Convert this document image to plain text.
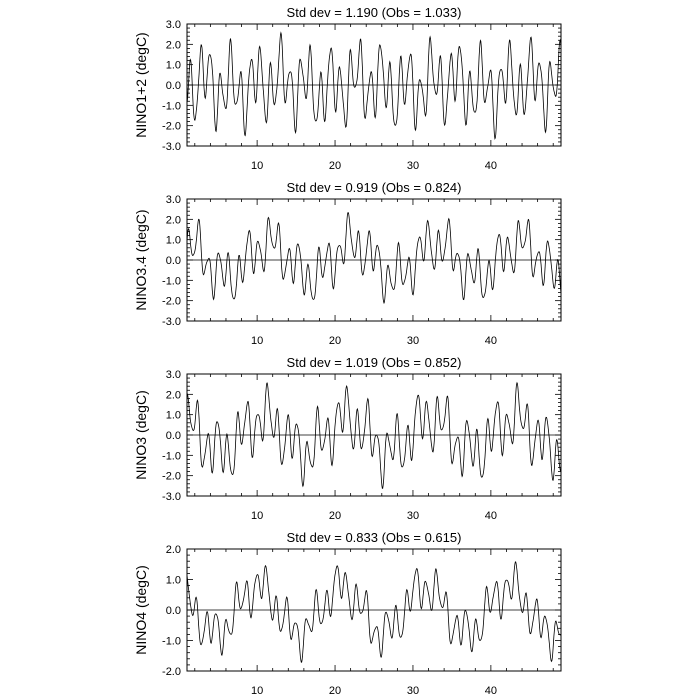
Std dev = 1.190 (Obs = 1.033)
NINO1+2 (degC)
3.0
2.0
1.0
0.0
-1.0
-2.0
-3.0
10	20	30	40
Std dev = 0.919 (Obs = 0.824)
NINO3.4 (degC)
3.0
2.0
1.0
0.0
-1.0
-2.0
-3.0
10	20	30	40
Std dev = 1.019 (Obs = 0.852)
NINO3 (degC)
3.0
2.0
1.0
0.0
-1.0
-2.0
-3.0
10	20	30	40
Std dev = 0.833 (Obs = 0.615)
NINO4 (degC)
2.0
1.0
0.0
-1.0
-2.0
10	20	30	40
